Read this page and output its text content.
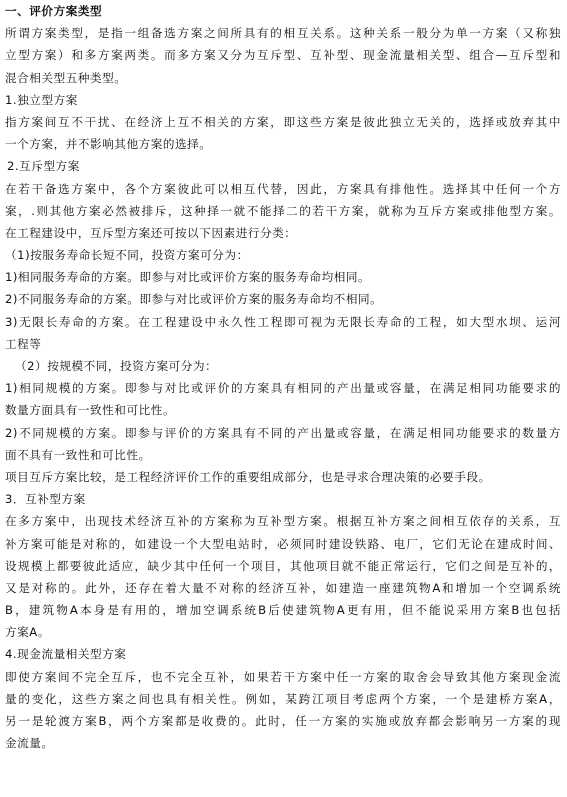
一、评价方案类型
所谓方案类型，是指一组备选方案之间所具有的相互关系。这种关系一般分为单一方案（又称独
立型方案）和多方案两类。而多方案又分为互斥型、互补型、现金流量相关型、组合—互斥型和
混合相关型五种类型。
1.独立型方案
指方案间互不干扰、在经济上互不相关的方案，即这些方案是彼此独立无关的，选择或放弃其中
一个方案，并不影响其他方案的选择。
2.互斥型方案
在若干备选方案中，各个方案彼此可以相互代替，因此，方案具有排他性。选择其中任何一个方
案，.则其他方案必然被排斥，这种择一就不能择二的若干方案，就称为互斥方案或排他型方案。
在工程建设中，互斥型方案还可按以下因素进行分类：
（1)按服务寿命长短不同，投资方案可分为：
1)相同服务寿命的方案。即参与对比或评价方案的服务寿命均相同。
2)不同服务寿命的方案。即参与对比或评价方案的服务寿命均不相同。
3)无限长寿命的方案。在工程建设中永久性工程即可视为无限长寿命的工程，如大型水坝、运河
工程等
（2）按规模不同，投资方案可分为：
1)相同规模的方案。即参与对比或评价的方案具有相同的产出量或容量，在满足相同功能要求的
数量方面具有一致性和可比性。
2)不同规模的方案。即参与评价的方案具有不同的产出量或容量，在满足相同功能要求的数量方
面不具有一致性和可比性。
项目互斥方案比较，是工程经济评价工作的重要组成部分，也是寻求合理决策的必要手段。
3．互补型方案
在多方案中，出现技术经济互补的方案称为互补型方案。根据互补方案之间相互依存的关系，互
补方案可能是对称的，如建设一个大型电站时，必须同时建设铁路、电厂，它们无论在建成时间、
设规模上都要彼此适应，缺少其中任何一个项目，其他项目就不能正常运行，它们之间是互补的，
又是对称的。此外，还存在着大量不对称的经济互补，如建造一座建筑物A和增加一个空调系统
B，建筑物A本身是有用的，增加空调系统B后使建筑物A更有用，但不能说采用方案B也包括
方案A。
4.现金流量相关型方案
即使方案间不完全互斥，也不完全互补，如果若干方案中任一方案的取舍会导致其他方案现金流
量的变化，这些方案之间也具有相关性。例如，某跨江项目考虑两个方案，一个是建桥方案A，
另一是轮渡方案B，两个方案都是收费的。此时，任一方案的实施或放弃都会影响另一方案的现
金流量。
